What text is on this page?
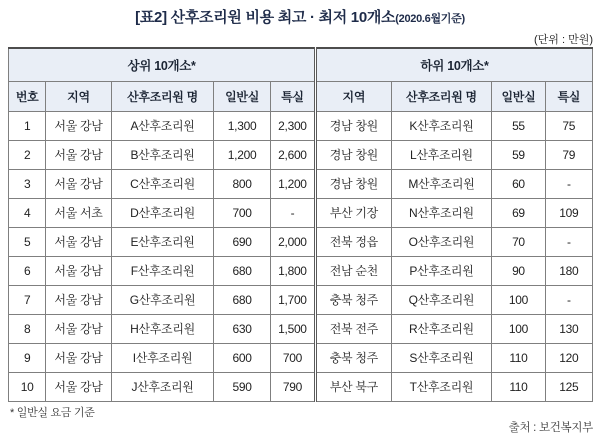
[표2] 산후조리원 비용 최고 · 최저 10개소(2020.6월기준)
(단위 : 만원)
상위 10개소*					하위 10개소*			
번호	지역	산후조리원 명	일반실	특실	지역	산후조리원 명	일반실	특실
1	서울 강남	A산후조리원	1,300	2,300	경남 창원	K산후조리원	55	75
2	서울 강남	B산후조리원	1,200	2,600	경남 창원	L산후조리원	59	79
3	서울 강남	C산후조리원	800	1,200	경남 창원	M산후조리원	60	-
4	서울 서초	D산후조리원	700	-	부산 기장	N산후조리원	69	109
5	서울 강남	E산후조리원	690	2,000	전북 정읍	O산후조리원	70	-
6	서울 강남	F산후조리원	680	1,800	전남 순천	P산후조리원	90	180
7	서울 강남	G산후조리원	680	1,700	충북 청주	Q산후조리원	100	-
8	서울 강남	H산후조리원	630	1,500	전북 전주	R산후조리원	100	130
9	서울 강남	I산후조리원	600	700	충북 청주	S산후조리원	110	120
10	서울 강남	J산후조리원	590	790	부산 북구	T산후조리원	110	125
* 일반실 요금 기준
출처 : 보건복지부
